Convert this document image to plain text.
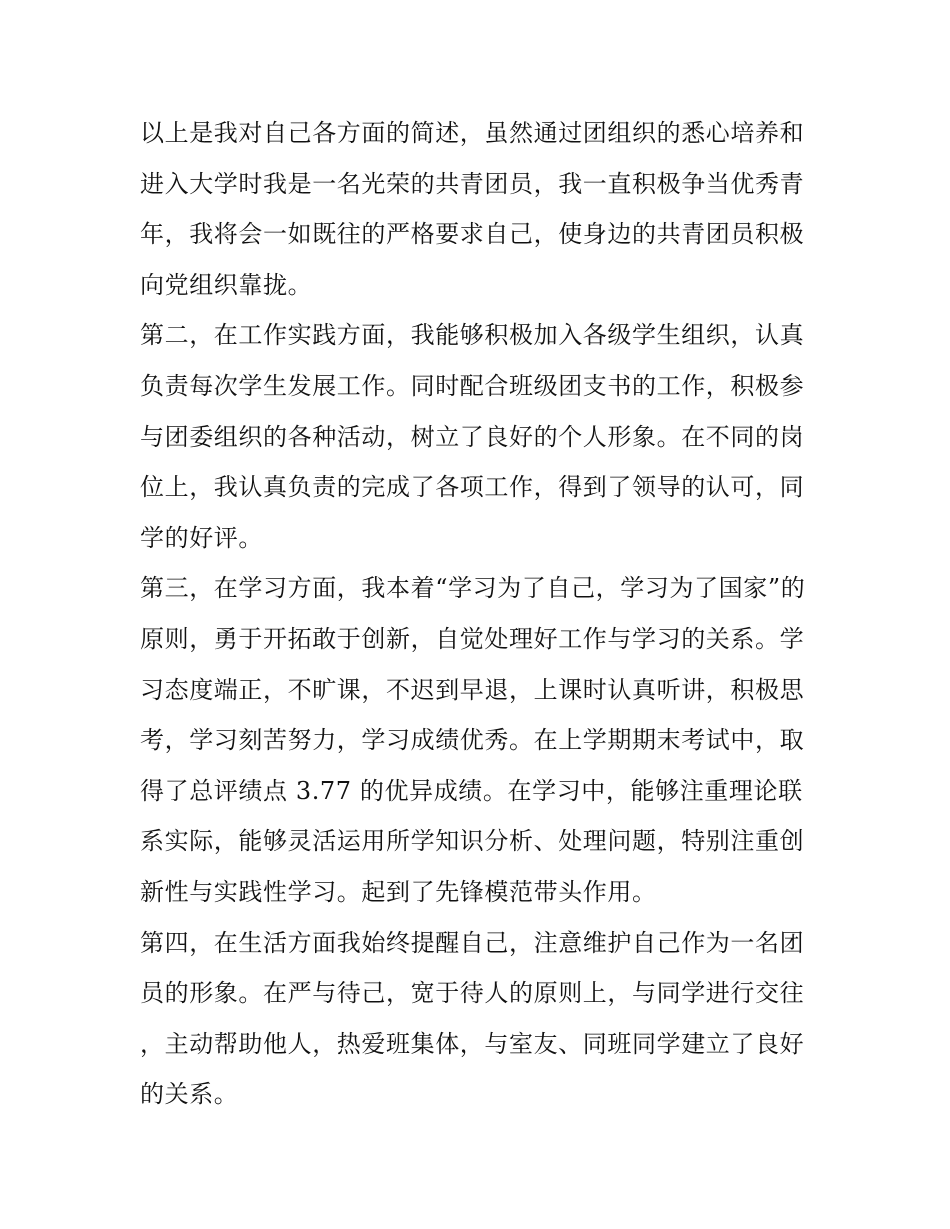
以上是我对自己各方面的简述，虽然通过团组织的悉心培养和
进入大学时我是一名光荣的共青团员，我一直积极争当优秀青
年，我将会一如既往的严格要求自己，使身边的共青团员积极
向党组织靠拢。
第二，在工作实践方面，我能够积极加入各级学生组织，认真
负责每次学生发展工作。同时配合班级团支书的工作，积极参
与团委组织的各种活动，树立了良好的个人形象。在不同的岗
位上，我认真负责的完成了各项工作，得到了领导的认可，同
学的好评。
第三，在学习方面，我本着“学习为了自己，学习为了国家”的
原则，勇于开拓敢于创新，自觉处理好工作与学习的关系。学
习态度端正，不旷课，不迟到早退，上课时认真听讲，积极思
考，学习刻苦努力，学习成绩优秀。在上学期期末考试中，取
得了总评绩点 3.77 的优异成绩。在学习中，能够注重理论联
系实际，能够灵活运用所学知识分析、处理问题，特别注重创
新性与实践性学习。起到了先锋模范带头作用。
第四，在生活方面我始终提醒自己，注意维护自己作为一名团
员的形象。在严与待己，宽于待人的原则上，与同学进行交往
，主动帮助他人，热爱班集体，与室友、同班同学建立了良好
的关系。
